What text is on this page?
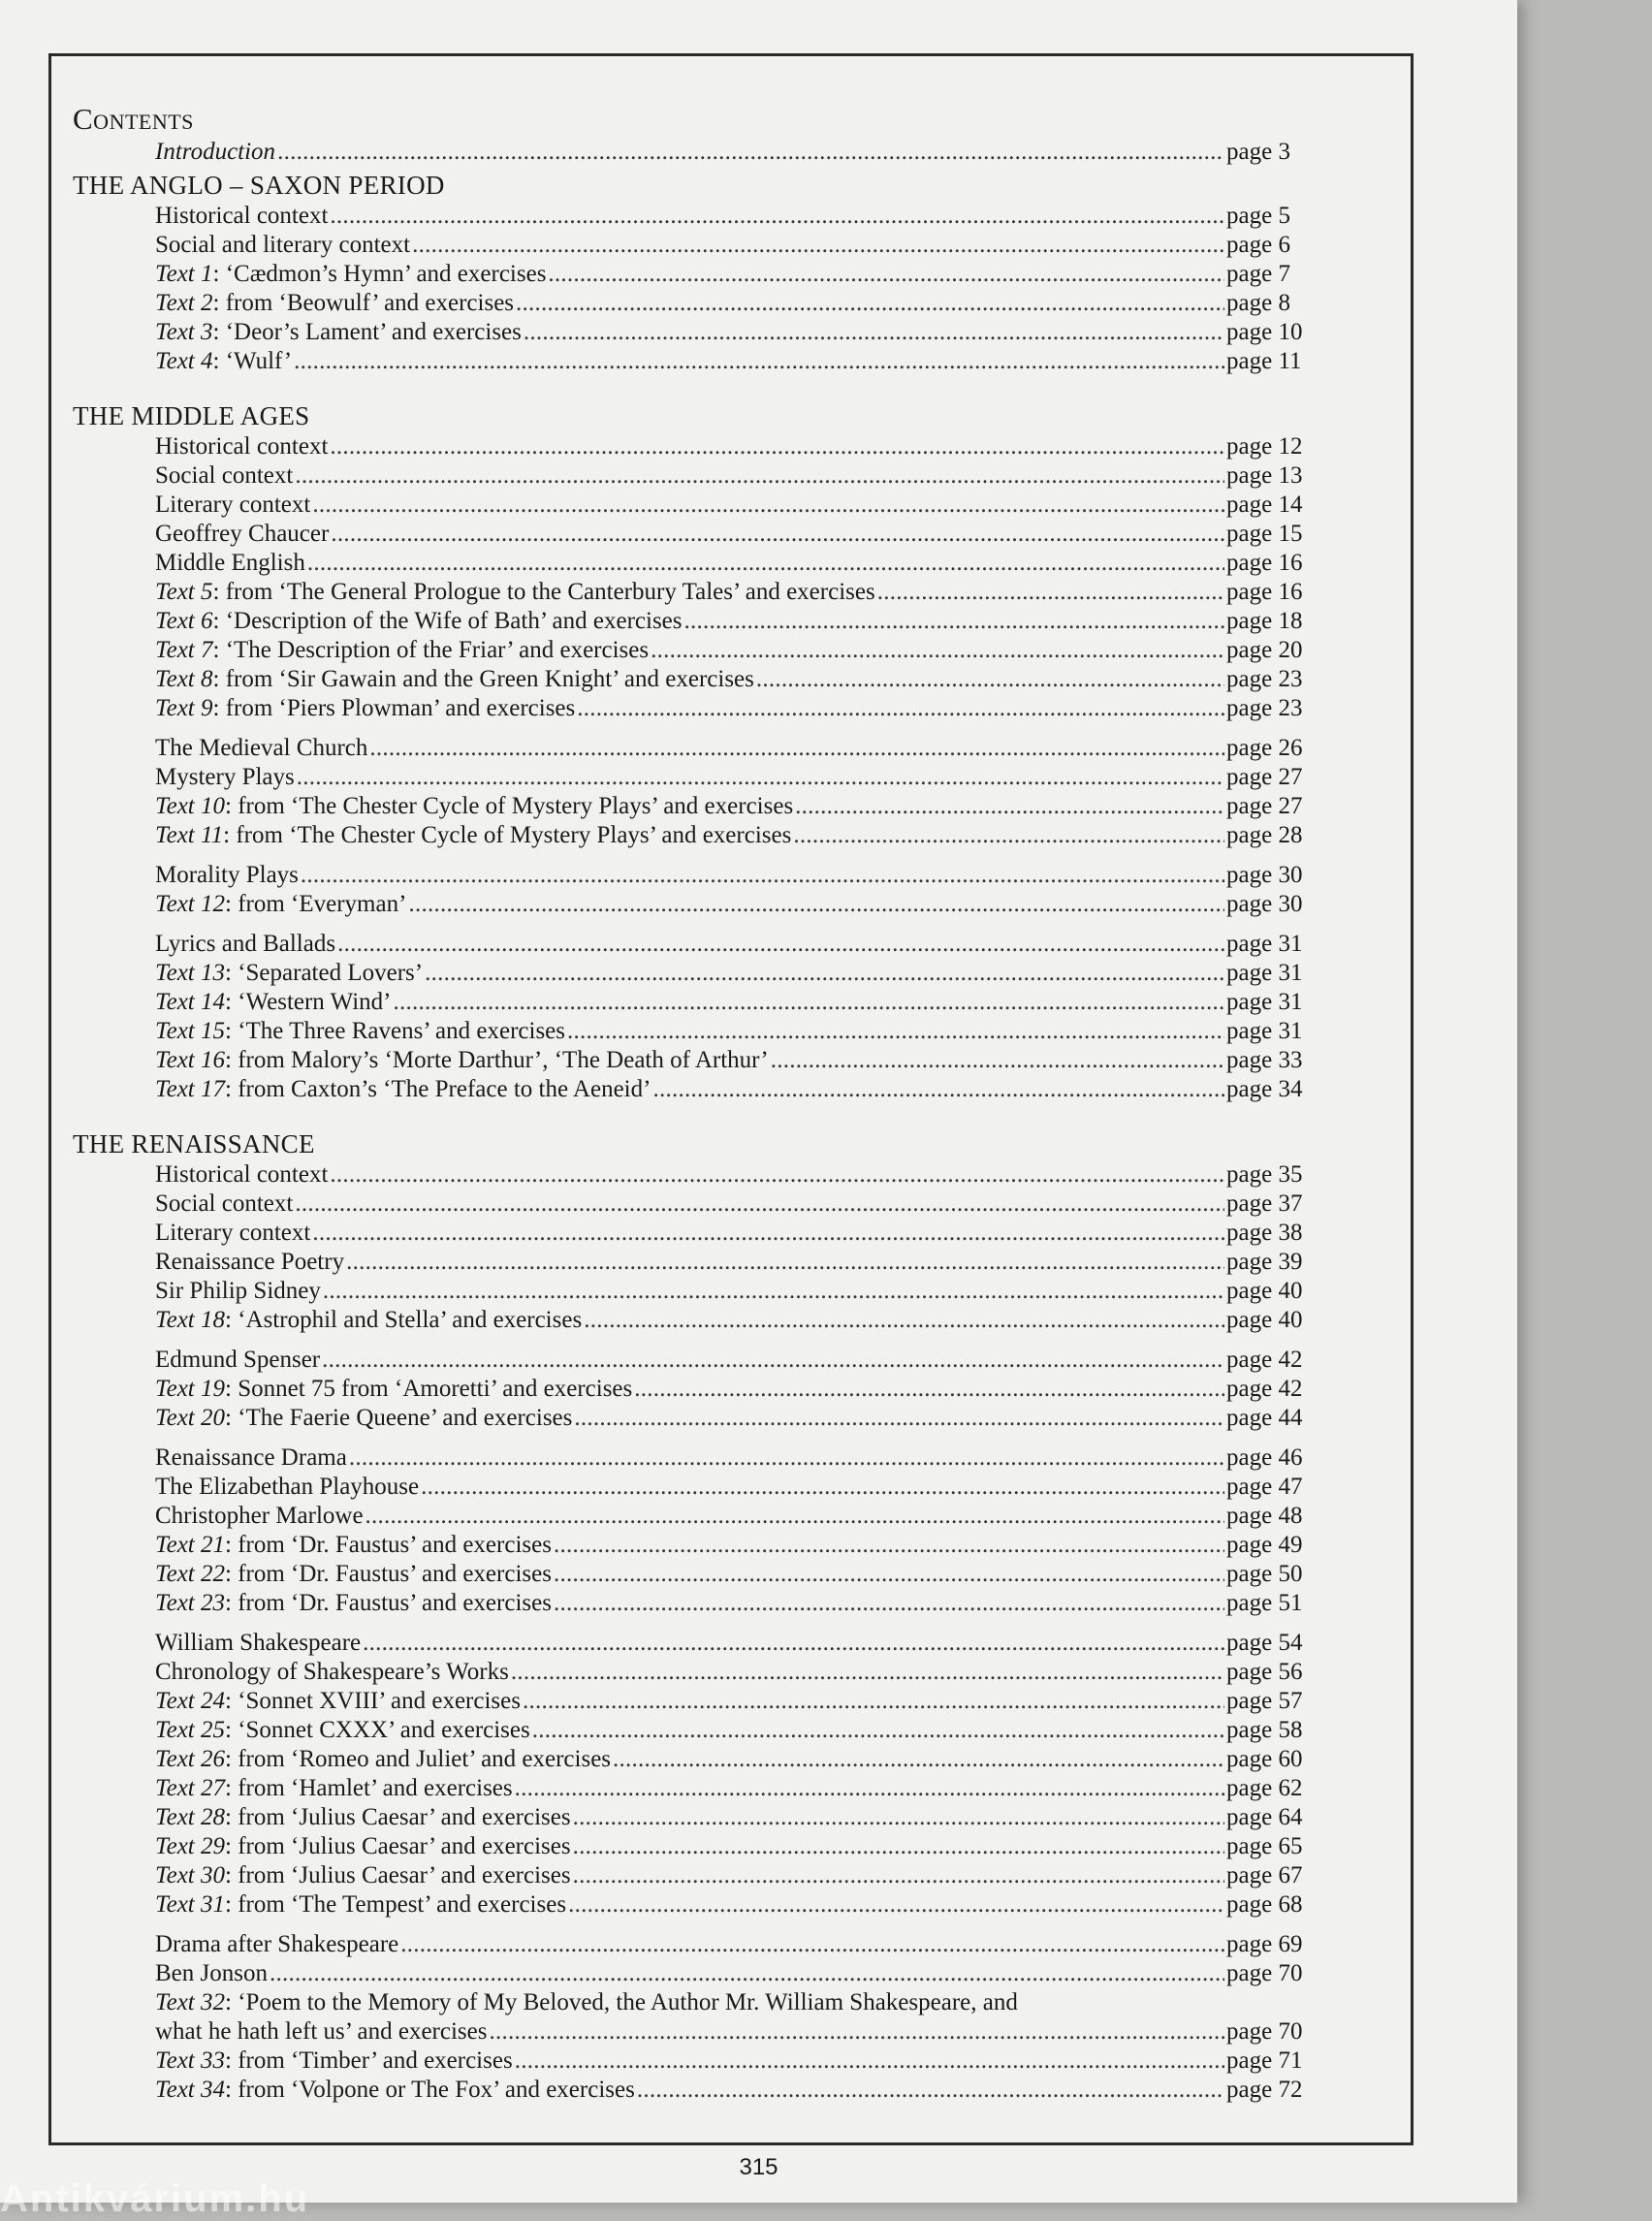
Contents
Introduction . . .	page 3
THE ANGLO – SAXON PERIOD
Historical context . . .	page 5
Social and literary context . . .	page 6
Text 1: ‘Cædmon’s Hymn’ and exercises . . .	page 7
Text 2: from ‘Beowulf’ and exercises . . .	page 8
Text 3: ‘Deor’s Lament’ and exercises . . .	page 10
Text 4: ‘Wulf’ . . .	page 11
THE MIDDLE AGES
Historical context . . .	page 12
Social context . . .	page 13
Literary context . . .	page 14
Geoffrey Chaucer . . .	page 15
Middle English . . .	page 16
Text 5: from ‘The General Prologue to the Canterbury Tales’ and exercises . . .	page 16
Text 6: ‘Description of the Wife of Bath’ and exercises . . .	page 18
Text 7: ‘The Description of the Friar’ and exercises . . .	page 20
Text 8: from ‘Sir Gawain and the Green Knight’ and exercises . . .	page 23
Text 9: from ‘Piers Plowman’ and exercises . . .	page 23
The Medieval Church . . .	page 26
Mystery Plays . . .	page 27
Text 10: from ‘The Chester Cycle of Mystery Plays’ and exercises . . .	page 27
Text 11: from ‘The Chester Cycle of Mystery Plays’ and exercises . . .	page 28
Morality Plays . . .	page 30
Text 12: from ‘Everyman’ . . .	page 30
Lyrics and Ballads . . .	page 31
Text 13: ‘Separated Lovers’ . . .	page 31
Text 14: ‘Western Wind’ . . .	page 31
Text 15: ‘The Three Ravens’ and exercises . . .	page 31
Text 16: from Malory’s ‘Morte Darthur’, ‘The Death of Arthur’ . . .	page 33
Text 17: from Caxton’s ‘The Preface to the Aeneid’ . . .	page 34
THE RENAISSANCE
Historical context . . .	page 35
Social context . . .	page 37
Literary context . . .	page 38
Renaissance Poetry . . .	page 39
Sir Philip Sidney . . .	page 40
Text 18: ‘Astrophil and Stella’ and exercises . . .	page 40
Edmund Spenser . . .	page 42
Text 19: Sonnet 75 from ‘Amoretti’ and exercises . . .	page 42
Text 20: ‘The Faerie Queene’ and exercises . . .	page 44
Renaissance Drama . . .	page 46
The Elizabethan Playhouse . . .	page 47
Christopher Marlowe . . .	page 48
Text 21: from ‘Dr. Faustus’ and exercises . . .	page 49
Text 22: from ‘Dr. Faustus’ and exercises . . .	page 50
Text 23: from ‘Dr. Faustus’ and exercises . . .	page 51
William Shakespeare . . .	page 54
Chronology of Shakespeare’s Works . . .	page 56
Text 24: ‘Sonnet XVIII’ and exercises . . .	page 57
Text 25: ‘Sonnet CXXX’ and exercises . . .	page 58
Text 26: from ‘Romeo and Juliet’ and exercises . . .	page 60
Text 27: from ‘Hamlet’ and exercises . . .	page 62
Text 28: from ‘Julius Caesar’ and exercises . . .	page 64
Text 29: from ‘Julius Caesar’ and exercises . . .	page 65
Text 30: from ‘Julius Caesar’ and exercises . . .	page 67
Text 31: from ‘The Tempest’ and exercises . . .	page 68
Drama after Shakespeare . . .	page 69
Ben Jonson . . .	page 70
Text 32: ‘Poem to the Memory of My Beloved, the Author Mr. William Shakespeare, and
what he hath left us’ and exercises . . .	page 70
Text 33: from ‘Timber’ and exercises . . .	page 71
Text 34: from ‘Volpone or The Fox’ and exercises . . .	page 72
315
Antikvárium.hu
